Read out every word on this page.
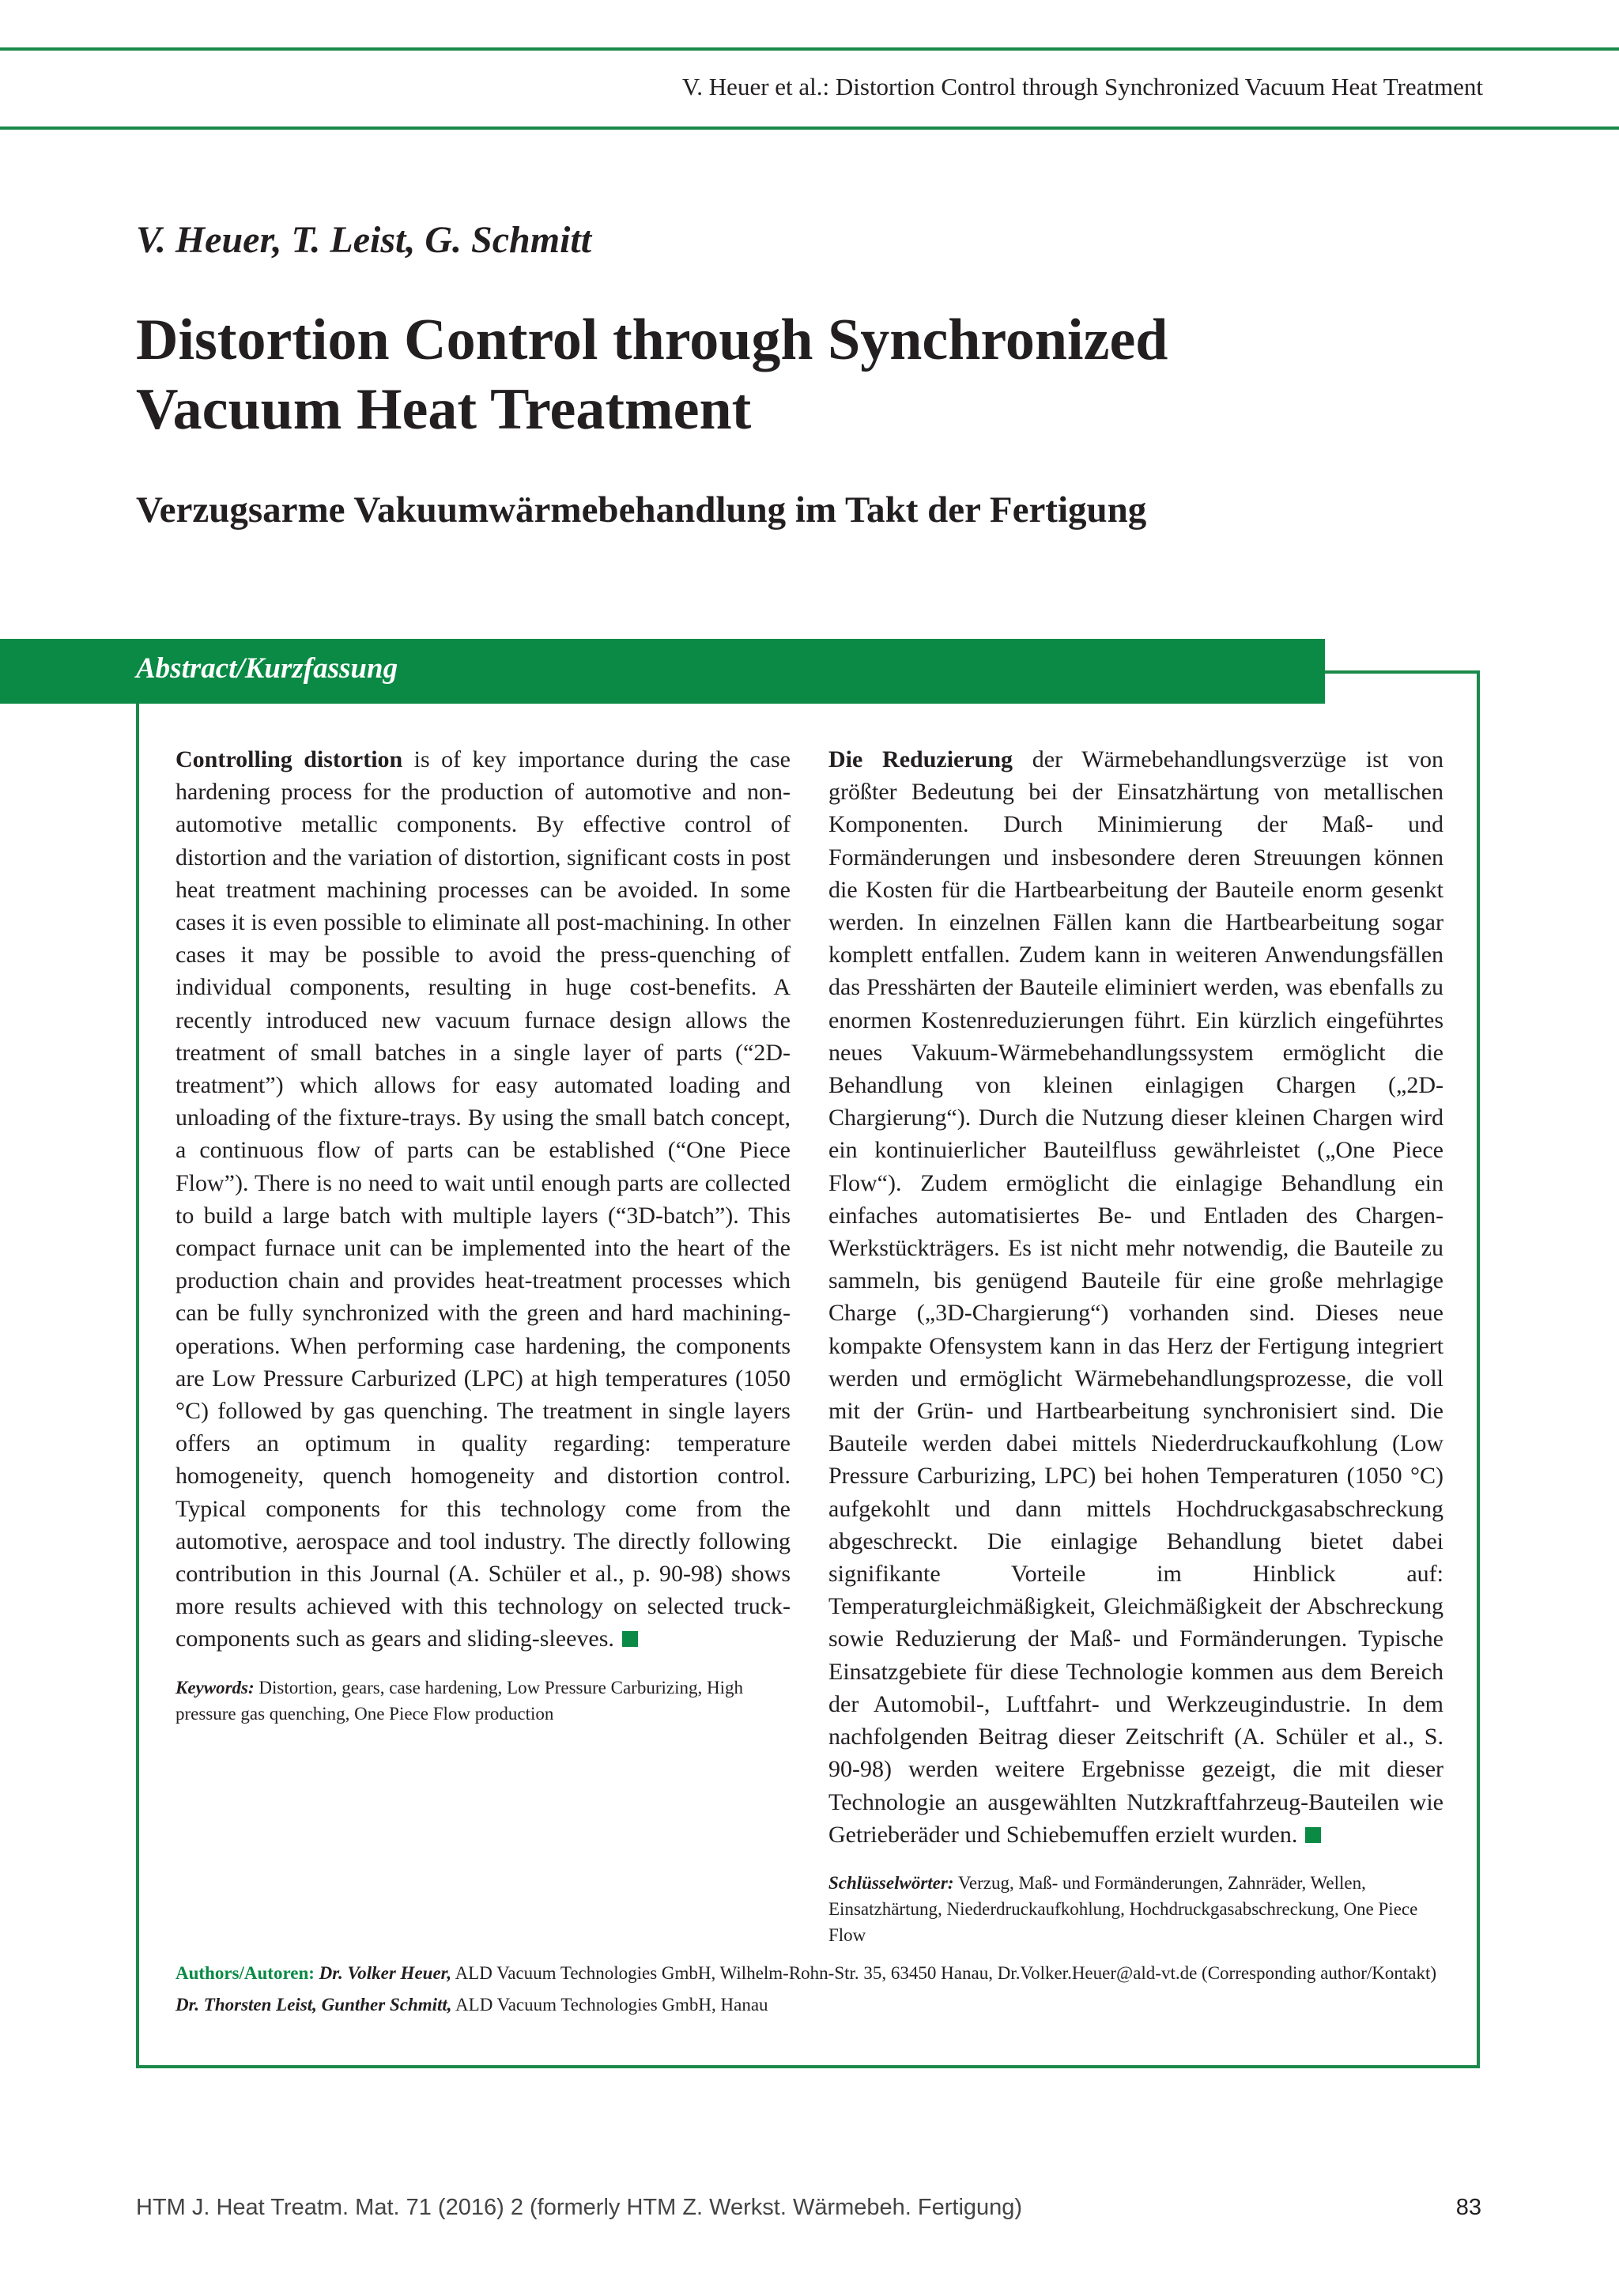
V. Heuer et al.: Distortion Control through Synchronized Vacuum Heat Treatment
V. Heuer, T. Leist, G. Schmitt
Distortion Control through Synchronized
Vacuum Heat Treatment
Verzugsarme Vakuumwärmebehandlung im Takt der Fertigung
Abstract/Kurzfassung

Controlling distortion is of key importance during the case hardening process for the production of automotive and non-automotive metallic components. By effective control of distortion and the variation of distortion, significant costs in post heat treatment machining processes can be avoided. In some cases it is even possible to eliminate all post-machining. In other cases it may be possible to avoid the press-quenching of individual components, resulting in huge cost-benefits. A recently introduced new vacuum furnace design allows the treatment of small batches in a single layer of parts (“2D-treatment”) which allows for easy automated loading and unloading of the fixture-trays. By using the small batch concept, a continuous flow of parts can be established (“One Piece Flow”). There is no need to wait until enough parts are collected to build a large batch with multiple layers (“3D-batch”). This compact furnace unit can be implemented into the heart of the production chain and provides heat-treatment processes which can be fully synchronized with the green and hard machining-operations. When performing case hardening, the components are Low Pressure Carburized (LPC) at high temperatures (1050 °C) followed by gas quenching. The treatment in single layers offers an optimum in quality regarding: temperature homogeneity, quench homogeneity and distortion control. Typical components for this technology come from the automotive, aerospace and tool industry. The directly following contribution in this Journal (A. Schüler et al., p. 90-98) shows more results achieved with this technology on selected truck-components such as gears and sliding-sleeves.

Keywords: Distortion, gears, case hardening, Low Pressure Carburizing, High pressure gas quenching, One Piece Flow production

Die Reduzierung der Wärmebehandlungsverzüge ist von größter Bedeutung bei der Einsatzhärtung von metallischen Komponenten. Durch Minimierung der Maß- und Formänderungen und insbesondere deren Streuungen können die Kosten für die Hartbearbeitung der Bauteile enorm gesenkt werden. In einzelnen Fällen kann die Hartbearbeitung sogar komplett entfallen. Zudem kann in weiteren Anwendungsfällen das Presshärten der Bauteile eliminiert werden, was ebenfalls zu enormen Kostenreduzierungen führt. Ein kürzlich eingeführtes neues Vakuum-Wärmebehandlungssystem ermöglicht die Behandlung von kleinen einlagigen Chargen („2D-Chargierung“). Durch die Nutzung dieser kleinen Chargen wird ein kontinuierlicher Bauteilfluss gewährleistet („One Piece Flow“). Zudem ermöglicht die einlagige Behandlung ein einfaches automatisiertes Be- und Entladen des Chargen-Werkstückträgers. Es ist nicht mehr notwendig, die Bauteile zu sammeln, bis genügend Bauteile für eine große mehrlagige Charge („3D-Chargierung“) vorhanden sind. Dieses neue kompakte Ofensystem kann in das Herz der Fertigung integriert werden und ermöglicht Wärmebehandlungsprozesse, die voll mit der Grün- und Hartbearbeitung synchronisiert sind. Die Bauteile werden dabei mittels Niederdruckaufkohlung (Low Pressure Carburizing, LPC) bei hohen Temperaturen (1050 °C) aufgekohlt und dann mittels Hochdruckgasabschreckung abgeschreckt. Die einlagige Behandlung bietet dabei signifikante Vorteile im Hinblick auf: Temperaturgleichmäßigkeit, Gleichmäßigkeit der Abschreckung sowie Reduzierung der Maß- und Formänderungen. Typische Einsatzgebiete für diese Technologie kommen aus dem Bereich der Automobil-, Luftfahrt- und Werkzeugindustrie. In dem nachfolgenden Beitrag dieser Zeitschrift (A. Schüler et al., S. 90-98) werden weitere Ergebnisse gezeigt, die mit dieser Technologie an ausgewählten Nutzkraftfahrzeug-Bauteilen wie Getrieberäder und Schiebemuffen erzielt wurden.

Schlüsselwörter: Verzug, Maß- und Formänderungen, Zahnräder, Wellen, Einsatzhärtung, Niederdruckaufkohlung, Hochdruckgasabschreckung, One Piece Flow

Authors/Autoren: Dr. Volker Heuer, ALD Vacuum Technologies GmbH, Wilhelm-Rohn-Str. 35, 63450 Hanau, Dr.Volker.Heuer@ald-vt.de (Corresponding author/Kontakt)

Dr. Thorsten Leist, Gunther Schmitt, ALD Vacuum Technologies GmbH, Hanau

HTM J. Heat Treatm. Mat. 71 (2016) 2 (formerly HTM Z. Werkst. Wärmebeh. Fertigung)	83
